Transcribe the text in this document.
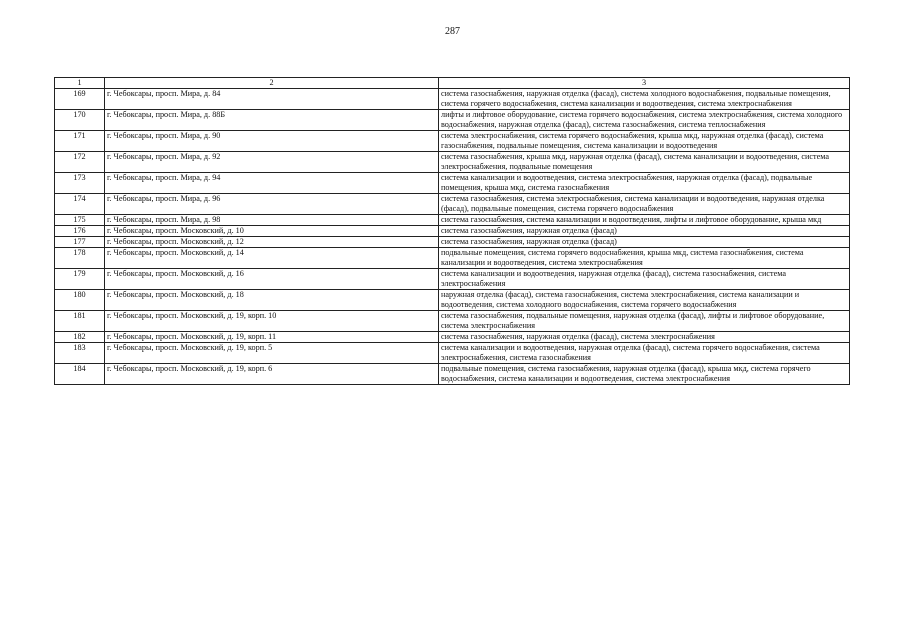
287
1	2	3
169	г. Чебоксары, просп. Мира, д. 84	система газоснабжения, наружная отделка (фасад), система холодного водоснабжения, подвальные помещения, система горячего водоснабжения, система канализации и водоотведения, система электроснабжения
170	г. Чебоксары, просп. Мира, д. 88Б	лифты и лифтовое оборудование, система горячего водоснабжения, система электроснабжения, система холодного водоснабжения, наружная отделка (фасад), система газоснабжения, система теплоснабжения
171	г. Чебоксары, просп. Мира, д. 90	система электроснабжения, система горячего водоснабжения, крыша мкд, наружная отделка (фасад), система газоснабжения, подвальные помещения, система канализации и водоотведения
172	г. Чебоксары, просп. Мира, д. 92	система газоснабжения, крыша мкд, наружная отделка (фасад), система канализации и водоотведения, система электроснабжения, подвальные помещения
173	г. Чебоксары, просп. Мира, д. 94	система канализации и водоотведения, система электроснабжения, наружная отделка (фасад), подвальные помещения, крыша мкд, система газоснабжения
174	г. Чебоксары, просп. Мира, д. 96	система газоснабжения, система электроснабжения, система канализации и водоотведения, наружная отделка (фасад), подвальные помещения, система горячего водоснабжения
175	г. Чебоксары, просп. Мира, д. 98	система газоснабжения, система канализации и водоотведения, лифты и лифтовое оборудование, крыша мкд
176	г. Чебоксары, просп. Московский, д. 10	система газоснабжения, наружная отделка (фасад)
177	г. Чебоксары, просп. Московский, д. 12	система газоснабжения, наружная отделка (фасад)
178	г. Чебоксары, просп. Московский, д. 14	подвальные помещения, система горячего водоснабжения, крыша мкд, система газоснабжения, система канализации и водоотведения, система электроснабжения
179	г. Чебоксары, просп. Московский, д. 16	система канализации и водоотведения, наружная отделка (фасад), система газоснабжения, система электроснабжения
180	г. Чебоксары, просп. Московский, д. 18	наружная отделка (фасад), система газоснабжения, система электроснабжения, система канализации и водоотведения, система холодного водоснабжения, система горячего водоснабжения
181	г. Чебоксары, просп. Московский, д. 19, корп. 10	система газоснабжения, подвальные помещения, наружная отделка (фасад), лифты и лифтовое оборудование, система электроснабжения
182	г. Чебоксары, просп. Московский, д. 19, корп. 11	система газоснабжения, наружная отделка (фасад), система электроснабжения
183	г. Чебоксары, просп. Московский, д. 19, корп. 5	система канализации и водоотведения, наружная отделка (фасад), система горячего водоснабжения, система электроснабжения, система газоснабжения
184	г. Чебоксары, просп. Московский, д. 19, корп. 6	подвальные помещения, система газоснабжения, наружная отделка (фасад), крыша мкд, система горячего водоснабжения, система канализации и водоотведения, система электроснабжения
